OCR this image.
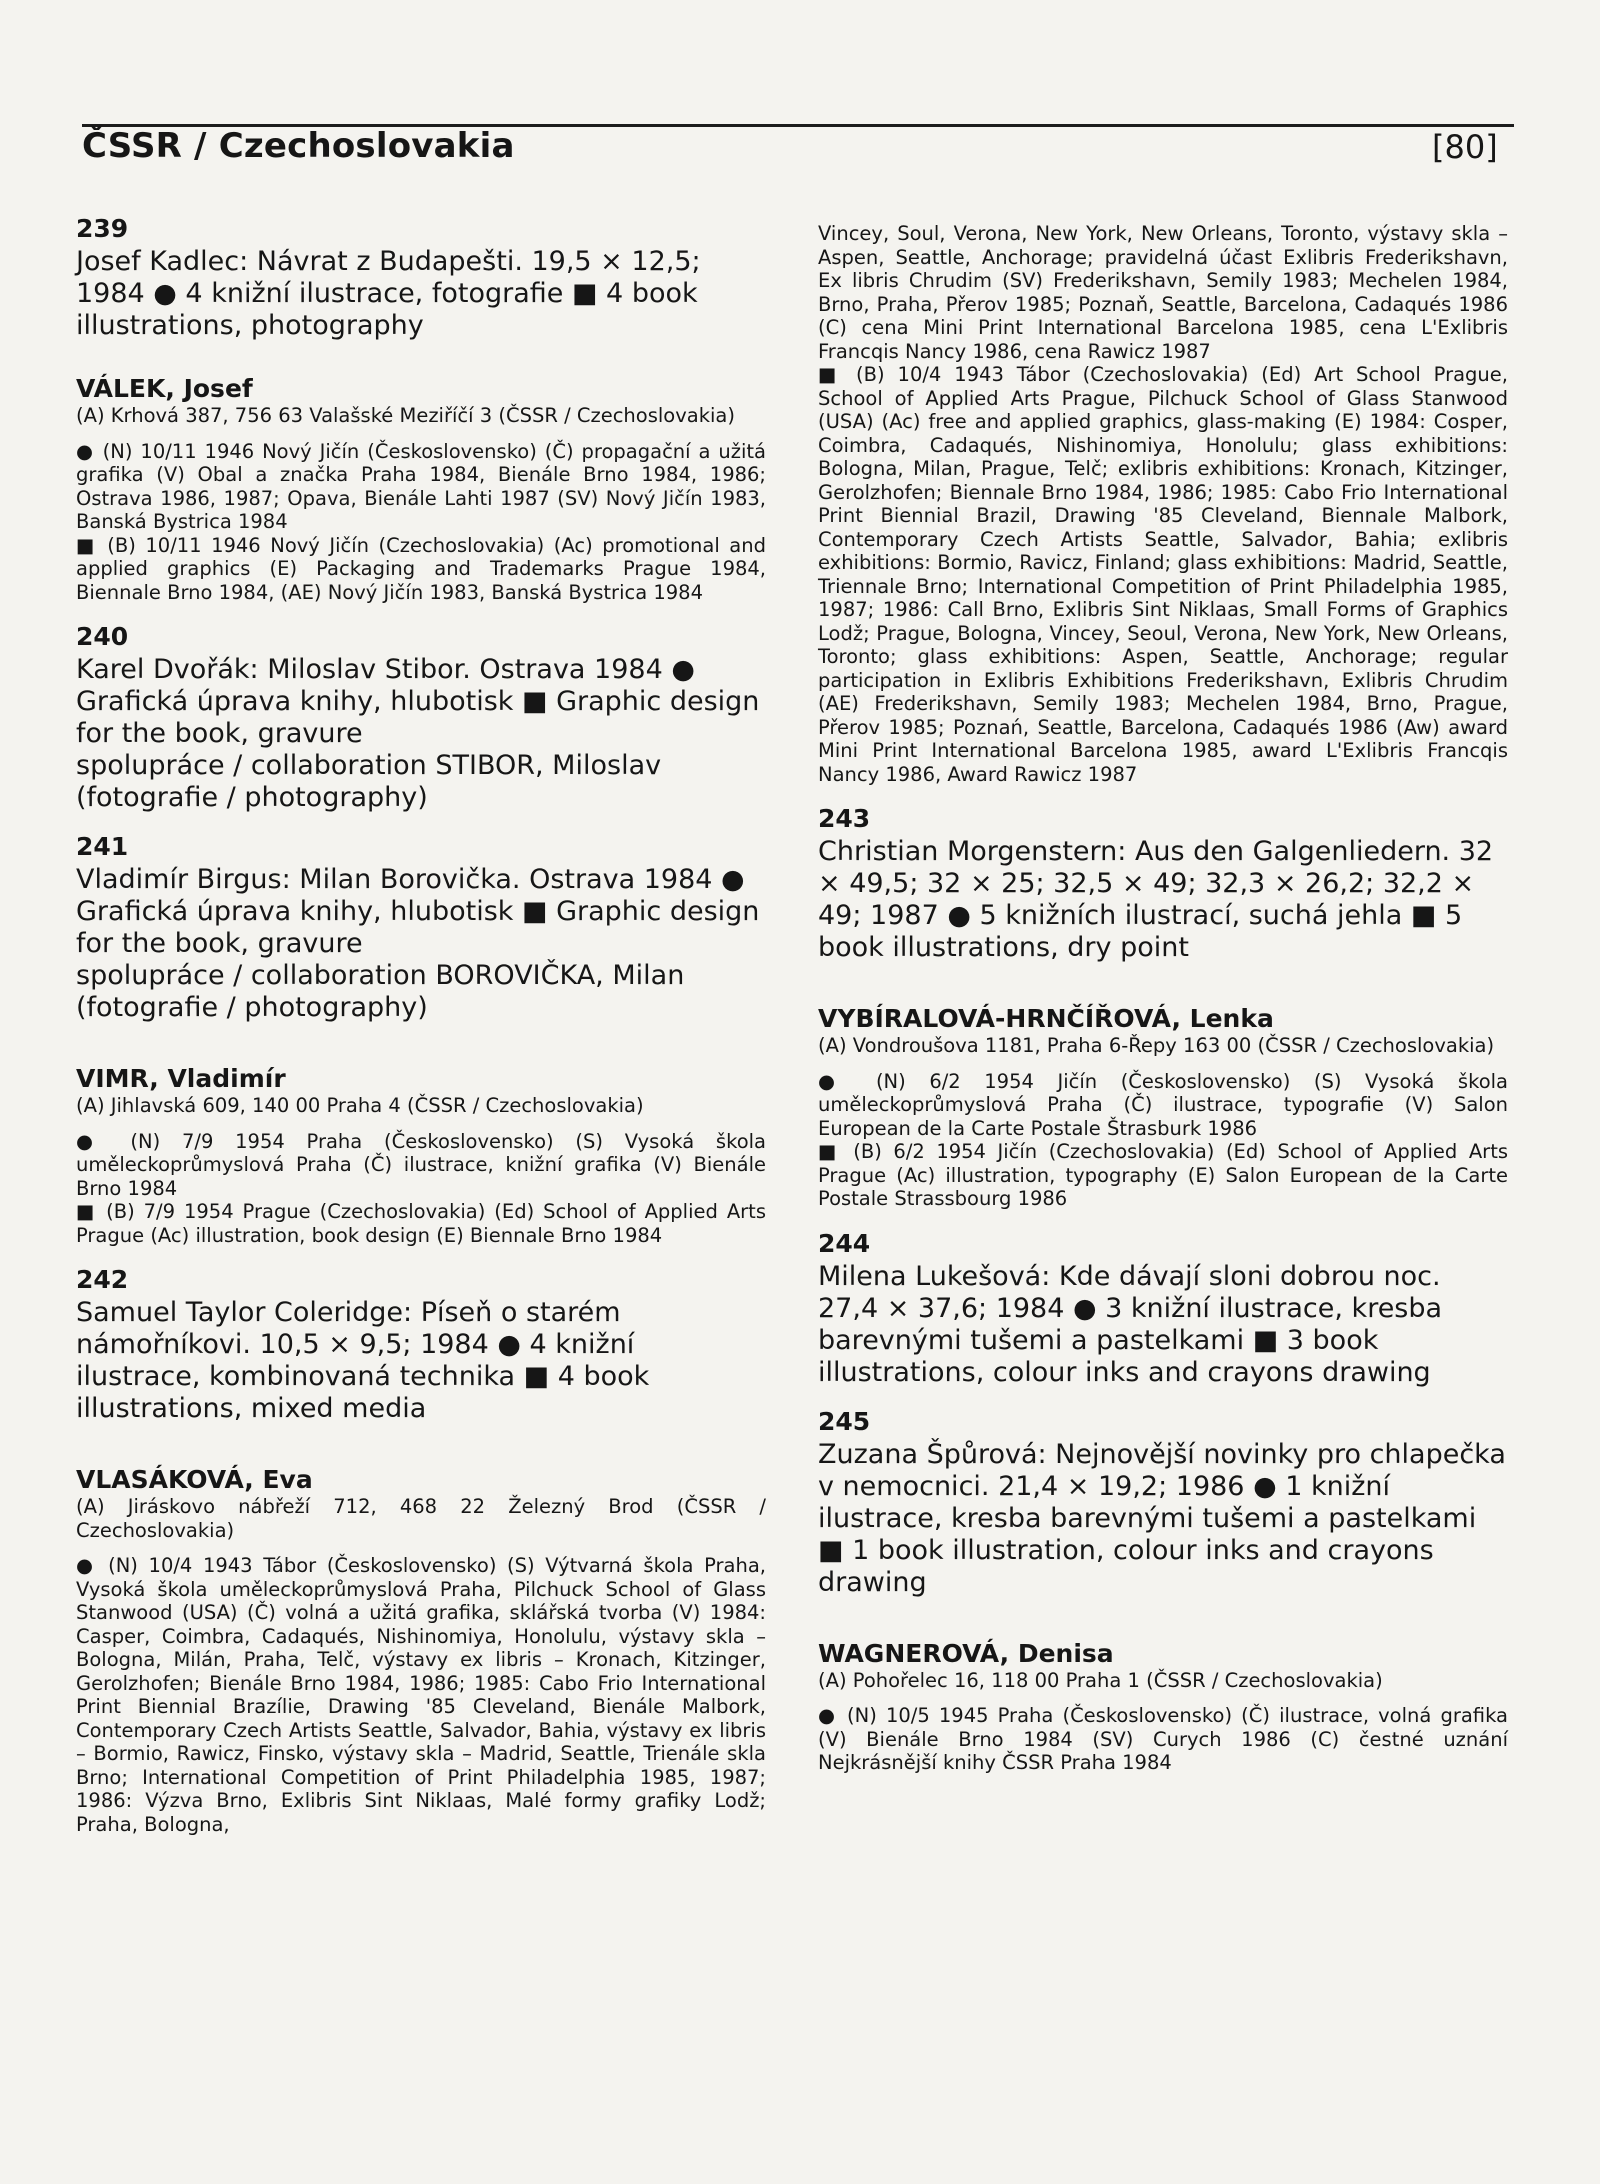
ČSSR / Czechoslovakia	[80]

239

Josef Kadlec: Návrat z Budapešti. 19,5 × 12,5; 1984 ● 4 knižní ilustrace, fotografie ■ 4 book illustrations, photography

VÁLEK, Josef

(A) Krhová 387, 756 63 Valašské Meziříčí 3 (ČSSR / Czechoslovakia)

● (N) 10/11 1946 Nový Jičín (Československo) (Č) propagační a užitá grafika (V) Obal a značka Praha 1984, Bienále Brno 1984, 1986; Ostrava 1986, 1987; Opava, Bienále Lahti 1987 (SV) Nový Jičín 1983, Banská Bystrica 1984

■ (B) 10/11 1946 Nový Jičín (Czechoslovakia) (Ac) promotional and applied graphics (E) Packaging and Trademarks Prague 1984, Biennale Brno 1984, (AE) Nový Jičín 1983, Banská Bystrica 1984

240

Karel Dvořák: Miloslav Stibor. Ostrava 1984 ● Grafická úprava knihy, hlubotisk ■ Graphic design for the book, gravure

spolupráce / collaboration STIBOR, Miloslav (fotografie / photography)

241

Vladimír Birgus: Milan Borovička. Ostrava 1984 ● Grafická úprava knihy, hlubotisk ■ Graphic design for the book, gravure

spolupráce / collaboration BOROVIČKA, Milan (fotografie / photography)

VIMR, Vladimír

(A) Jihlavská 609, 140 00 Praha 4 (ČSSR / Czechoslovakia)

● (N) 7/9 1954 Praha (Československo) (S) Vysoká škola uměleckoprůmyslová Praha (Č) ilustrace, knižní grafika (V) Bienále Brno 1984

■ (B) 7/9 1954 Prague (Czechoslovakia) (Ed) School of Applied Arts Prague (Ac) illustration, book design (E) Biennale Brno 1984

242

Samuel Taylor Coleridge: Píseň o starém námořníkovi. 10,5 × 9,5; 1984 ● 4 knižní ilustrace, kombinovaná technika ■ 4 book illustrations, mixed media

VLASÁKOVÁ, Eva

(A) Jiráskovo nábřeží 712, 468 22 Železný Brod (ČSSR / Czechoslovakia)

● (N) 10/4 1943 Tábor (Československo) (S) Výtvarná škola Praha, Vysoká škola uměleckoprůmyslová Praha, Pilchuck School of Glass Stanwood (USA) (Č) volná a užitá grafika, sklářská tvorba (V) 1984: Casper, Coimbra, Cadaqués, Nishinomiya, Honolulu, výstavy skla – Bologna, Milán, Praha, Telč, výstavy ex libris – Kronach, Kitzinger, Gerolzhofen; Bienále Brno 1984, 1986; 1985: Cabo Frio International Print Biennial Brazílie, Drawing '85 Cleveland, Bienále Malbork, Contemporary Czech Artists Seattle, Salvador, Bahia, výstavy ex libris – Bormio, Rawicz, Finsko, výstavy skla – Madrid, Seattle, Trienále skla Brno; International Competition of Print Philadelphia 1985, 1987; 1986: Výzva Brno, Exlibris Sint Niklaas, Malé formy grafiky Lodž; Praha, Bologna,

Vincey, Soul, Verona, New York, New Orleans, Toronto, výstavy skla – Aspen, Seattle, Anchorage; pravidelná účast Exlibris Frederikshavn, Ex libris Chrudim (SV) Frederikshavn, Semily 1983; Mechelen 1984, Brno, Praha, Přerov 1985; Poznaň, Seattle, Barcelona, Cadaqués 1986 (C) cena Mini Print International Barcelona 1985, cena L'Exlibris Francqis Nancy 1986, cena Rawicz 1987

■ (B) 10/4 1943 Tábor (Czechoslovakia) (Ed) Art School Prague, School of Applied Arts Prague, Pilchuck School of Glass Stanwood (USA) (Ac) free and applied graphics, glass-making (E) 1984: Cosper, Coimbra, Cadaqués, Nishinomiya, Honolulu; glass exhibitions: Bologna, Milan, Prague, Telč; exlibris exhibitions: Kronach, Kitzinger, Gerolzhofen; Biennale Brno 1984, 1986; 1985: Cabo Frio International Print Biennial Brazil, Drawing '85 Cleveland, Biennale Malbork, Contemporary Czech Artists Seattle, Salvador, Bahia; exlibris exhibitions: Bormio, Ravicz, Finland; glass exhibitions: Madrid, Seattle, Triennale Brno; International Competition of Print Philadelphia 1985, 1987; 1986: Call Brno, Exlibris Sint Niklaas, Small Forms of Graphics Lodž; Prague, Bologna, Vincey, Seoul, Verona, New York, New Orleans, Toronto; glass exhibitions: Aspen, Seattle, Anchorage; regular participation in Exlibris Exhibitions Frederikshavn, Exlibris Chrudim (AE) Frederikshavn, Semily 1983; Mechelen 1984, Brno, Prague, Přerov 1985; Poznań, Seattle, Barcelona, Cadaqués 1986 (Aw) award Mini Print International Barcelona 1985, award L'Exlibris Francqis Nancy 1986, Award Rawicz 1987

243

Christian Morgenstern: Aus den Galgenliedern. 32 × 49,5; 32 × 25; 32,5 × 49; 32,3 × 26,2; 32,2 × 49; 1987 ● 5 knižních ilustrací, suchá jehla ■ 5 book illustrations, dry point

VYBÍRALOVÁ-HRNČÍŘOVÁ, Lenka

(A) Vondroušova 1181, Praha 6-Řepy 163 00 (ČSSR / Czechoslovakia)

● (N) 6/2 1954 Jičín (Československo) (S) Vysoká škola uměleckoprůmyslová Praha (Č) ilustrace, typografie (V) Salon European de la Carte Postale Štrasburk 1986

■ (B) 6/2 1954 Jičín (Czechoslovakia) (Ed) School of Applied Arts Prague (Ac) illustration, typography (E) Salon European de la Carte Postale Strassbourg 1986

244

Milena Lukešová: Kde dávají sloni dobrou noc. 27,4 × 37,6; 1984 ● 3 knižní ilustrace, kresba barevnými tušemi a pastelkami ■ 3 book illustrations, colour inks and crayons drawing

245

Zuzana Špůrová: Nejnovější novinky pro chlapečka v nemocnici. 21,4 × 19,2; 1986 ● 1 knižní ilustrace, kresba barevnými tušemi a pastelkami ■ 1 book illustration, colour inks and crayons drawing

WAGNEROVÁ, Denisa

(A) Pohořelec 16, 118 00 Praha 1 (ČSSR / Czechoslovakia)

● (N) 10/5 1945 Praha (Československo) (Č) ilustrace, volná grafika (V) Bienále Brno 1984 (SV) Curych 1986 (C) čestné uznání Nejkrásnější knihy ČSSR Praha 1984
